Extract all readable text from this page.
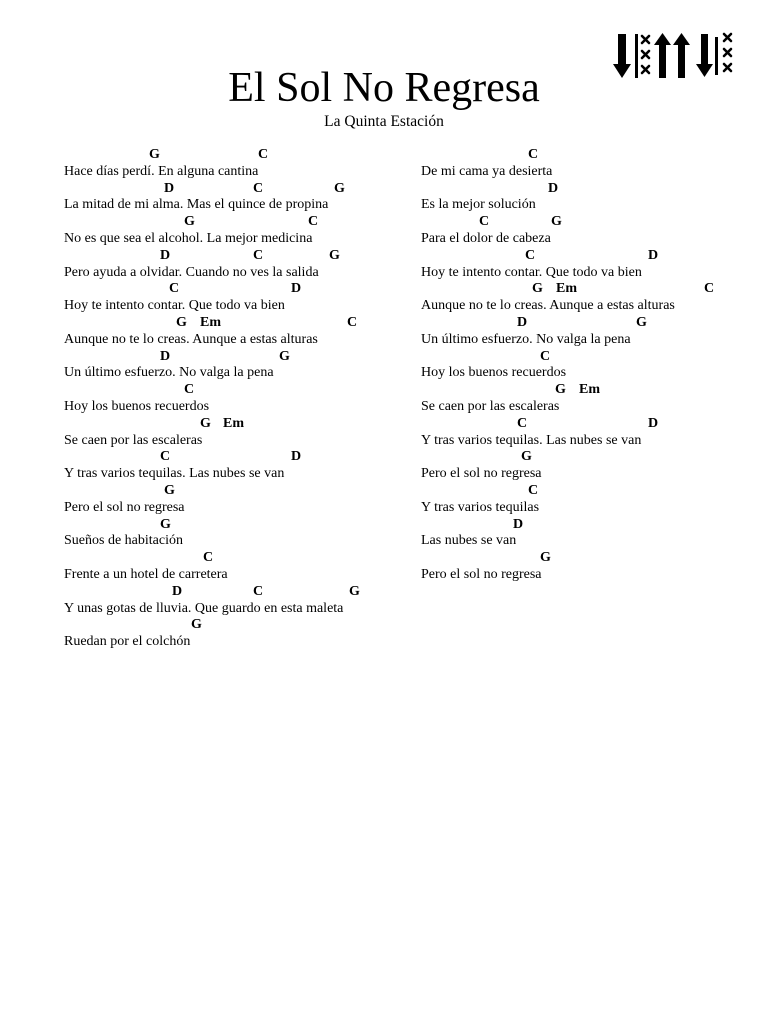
El Sol No Regresa
La Quinta Estación
G	C
Hace días perdí. En alguna cantina
D	C	G
La mitad de mi alma. Mas el quince de propina
G	C
No es que sea el alcohol. La mejor medicina
D	C	G
Pero ayuda a olvidar. Cuando no ves la salida
C	D
Hoy te intento contar. Que todo va bien
G Em	C
Aunque no te lo creas. Aunque a estas alturas
D	G
Un último esfuerzo. No valga la pena
C
Hoy los buenos recuerdos
G Em
Se caen por las escaleras
C	D
Y tras varios tequilas. Las nubes se van
G
Pero el sol no regresa
G
Sueños de habitación
C
Frente a un hotel de carretera
D	C	G
Y unas gotas de lluvia. Que guardo en esta maleta
G
Ruedan por el colchón
C
De mi cama ya desierta
D
Es la mejor solución
C	G
Para el dolor de cabeza
C	D
Hoy te intento contar. Que todo va bien
G Em	C
Aunque no te lo creas. Aunque a estas alturas
D	G
Un último esfuerzo. No valga la pena
C
Hoy los buenos recuerdos
G Em
Se caen por las escaleras
C	D
Y tras varios tequilas. Las nubes se van
G
Pero el sol no regresa
C
Y tras varios tequilas
D
Las nubes se van
G
Pero el sol no regresa
